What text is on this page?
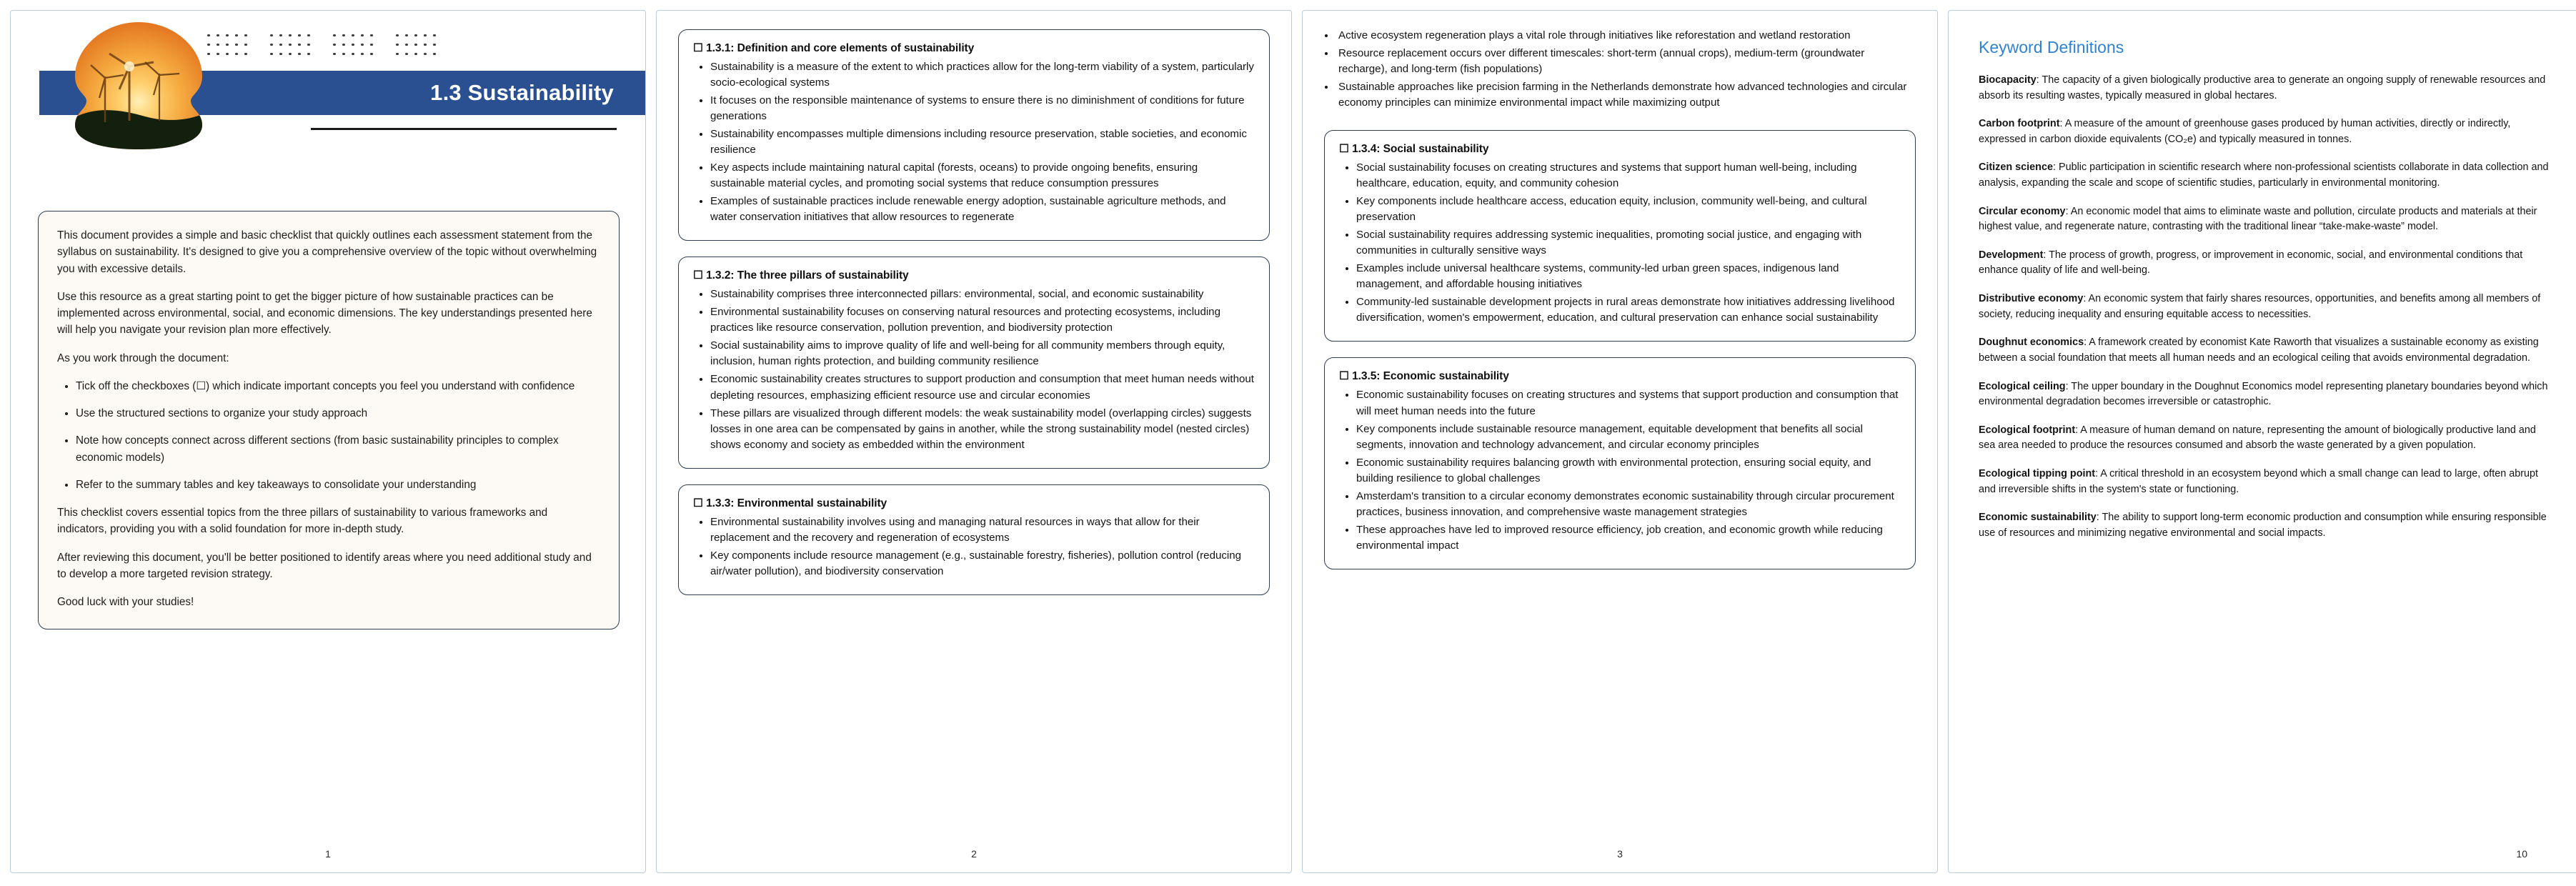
1.3 Sustainability

This document provides a simple and basic checklist that quickly outlines each assessment statement from the syllabus on sustainability. It's designed to give you a comprehensive overview of the topic without overwhelming you with excessive details.

Use this resource as a great starting point to get the bigger picture of how sustainable practices can be implemented across environmental, social, and economic dimensions. The key understandings presented here will help you navigate your revision plan more effectively.

As you work through the document:

• Tick off the checkboxes (☐) which indicate important concepts you feel you understand with confidence
• Use the structured sections to organize your study approach
• Note how concepts connect across different sections (from basic sustainability principles to complex economic models)
• Refer to the summary tables and key takeaways to consolidate your understanding

This checklist covers essential topics from the three pillars of sustainability to various frameworks and indicators, providing you with a solid foundation for more in-depth study.

After reviewing this document, you'll be better positioned to identify areas where you need additional study and to develop a more targeted revision strategy.

Good luck with your studies!

1
☐ 1.3.1: Definition and core elements of sustainability
• Sustainability is a measure of the extent to which practices allow for the long-term viability of a system, particularly socio-ecological systems
• It focuses on the responsible maintenance of systems to ensure there is no diminishment of conditions for future generations
• Sustainability encompasses multiple dimensions including resource preservation, stable societies, and economic resilience
• Key aspects include maintaining natural capital (forests, oceans) to provide ongoing benefits, ensuring sustainable material cycles, and promoting social systems that reduce consumption pressures
• Examples of sustainable practices include renewable energy adoption, sustainable agriculture methods, and water conservation initiatives that allow resources to regenerate
☐ 1.3.2: The three pillars of sustainability
• Sustainability comprises three interconnected pillars: environmental, social, and economic sustainability
• Environmental sustainability focuses on conserving natural resources and protecting ecosystems, including practices like resource conservation, pollution prevention, and biodiversity protection
• Social sustainability aims to improve quality of life and well-being for all community members through equity, inclusion, human rights protection, and building community resilience
• Economic sustainability creates structures to support production and consumption that meet human needs without depleting resources, emphasizing efficient resource use and circular economies
• These pillars are visualized through different models: the weak sustainability model (overlapping circles) suggests losses in one area can be compensated by gains in another, while the strong sustainability model (nested circles) shows economy and society as embedded within the environment
☐ 1.3.3: Environmental sustainability
• Environmental sustainability involves using and managing natural resources in ways that allow for their replacement and the recovery and regeneration of ecosystems
• Key components include resource management (e.g., sustainable forestry, fisheries), pollution control (reducing air/water pollution), and biodiversity conservation
2
• Active ecosystem regeneration plays a vital role through initiatives like reforestation and wetland restoration
• Resource replacement occurs over different timescales: short-term (annual crops), medium-term (groundwater recharge), and long-term (fish populations)
• Sustainable approaches like precision farming in the Netherlands demonstrate how advanced technologies and circular economy principles can minimize environmental impact while maximizing output
☐ 1.3.4: Social sustainability
• Social sustainability focuses on creating structures and systems that support human well-being, including healthcare, education, equity, and community cohesion
• Key components include healthcare access, education equity, inclusion, community well-being, and cultural preservation
• Social sustainability requires addressing systemic inequalities, promoting social justice, and engaging with communities in culturally sensitive ways
• Examples include universal healthcare systems, community-led urban green spaces, indigenous land management, and affordable housing initiatives
• Community-led sustainable development projects in rural areas demonstrate how initiatives addressing livelihood diversification, women's empowerment, education, and cultural preservation can enhance social sustainability
☐ 1.3.5: Economic sustainability
• Economic sustainability focuses on creating structures and systems that support production and consumption that will meet human needs into the future
• Key components include sustainable resource management, equitable development that benefits all social segments, innovation and technology advancement, and circular economy principles
• Economic sustainability requires balancing growth with environmental protection, ensuring social equity, and building resilience to global challenges
• Amsterdam's transition to a circular economy demonstrates economic sustainability through circular procurement practices, business innovation, and comprehensive waste management strategies
• These approaches have led to improved resource efficiency, job creation, and economic growth while reducing environmental impact
3
Keyword Definitions

Biocapacity: The capacity of a given biologically productive area to generate an ongoing supply of renewable resources and absorb its resulting wastes, typically measured in global hectares.

Carbon footprint: A measure of the amount of greenhouse gases produced by human activities, directly or indirectly, expressed in carbon dioxide equivalents (CO₂e) and typically measured in tonnes.

Citizen science: Public participation in scientific research where non-professional scientists collaborate in data collection and analysis, expanding the scale and scope of scientific studies, particularly in environmental monitoring.

Circular economy: An economic model that aims to eliminate waste and pollution, circulate products and materials at their highest value, and regenerate nature, contrasting with the traditional linear “take-make-waste” model.

Development: The process of growth, progress, or improvement in economic, social, and environmental conditions that enhance quality of life and well-being.

Distributive economy: An economic system that fairly shares resources, opportunities, and benefits among all members of society, reducing inequality and ensuring equitable access to necessities.

Doughnut economics: A framework created by economist Kate Raworth that visualizes a sustainable economy as existing between a social foundation that meets all human needs and an ecological ceiling that avoids environmental degradation.

Ecological ceiling: The upper boundary in the Doughnut Economics model representing planetary boundaries beyond which environmental degradation becomes irreversible or catastrophic.

Ecological footprint: A measure of human demand on nature, representing the amount of biologically productive land and sea area needed to produce the resources consumed and absorb the waste generated by a given population.

Ecological tipping point: A critical threshold in an ecosystem beyond which a small change can lead to large, often abrupt and irreversible shifts in the system's state or functioning.

Economic sustainability: The ability to support long-term economic production and consumption while ensuring responsible use of resources and minimizing negative environmental and social impacts.

10
